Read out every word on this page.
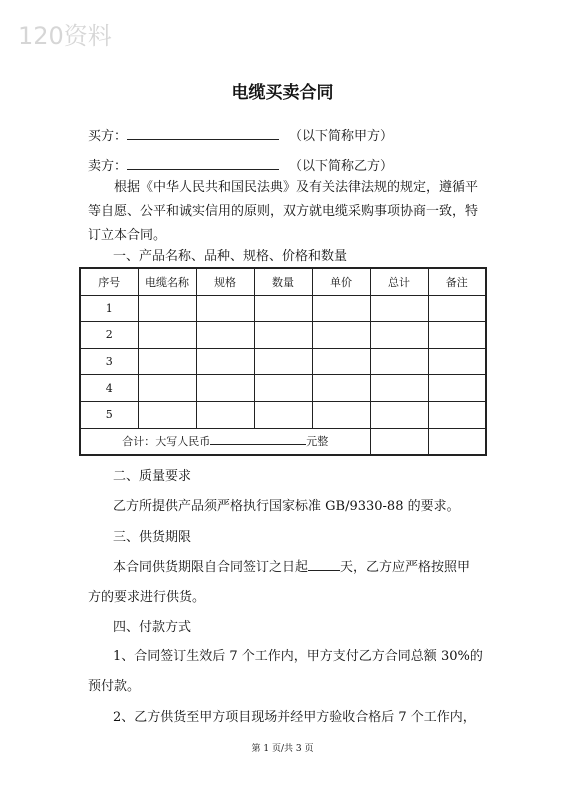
120资料
电缆买卖合同
买方：	（以下简称甲方）
卖方：	（以下简称乙方）
根据《中华人民共和国民法典》及有关法律法规的规定，遵循平
等自愿、公平和诚实信用的原则，双方就电缆采购事项协商一致，特
订立本合同。
一、产品名称、品种、规格、价格和数量
序号	电缆名称	规格	数量	单价	总计	备注
1						
2						
3						
4						
5						
合计：大写人民币 元整						
二、质量要求
乙方所提供产品须严格执行国家标准 GB/9330-88 的要求。
三、供货期限
本合同供货期限自合同签订之日起 天，乙方应严格按照甲
方的要求进行供货。
四、付款方式
1、合同签订生效后 7 个工作内，甲方支付乙方合同总额 30%的
预付款。
2、乙方供货至甲方项目现场并经甲方验收合格后 7 个工作内，
第 1 页/共 3 页
